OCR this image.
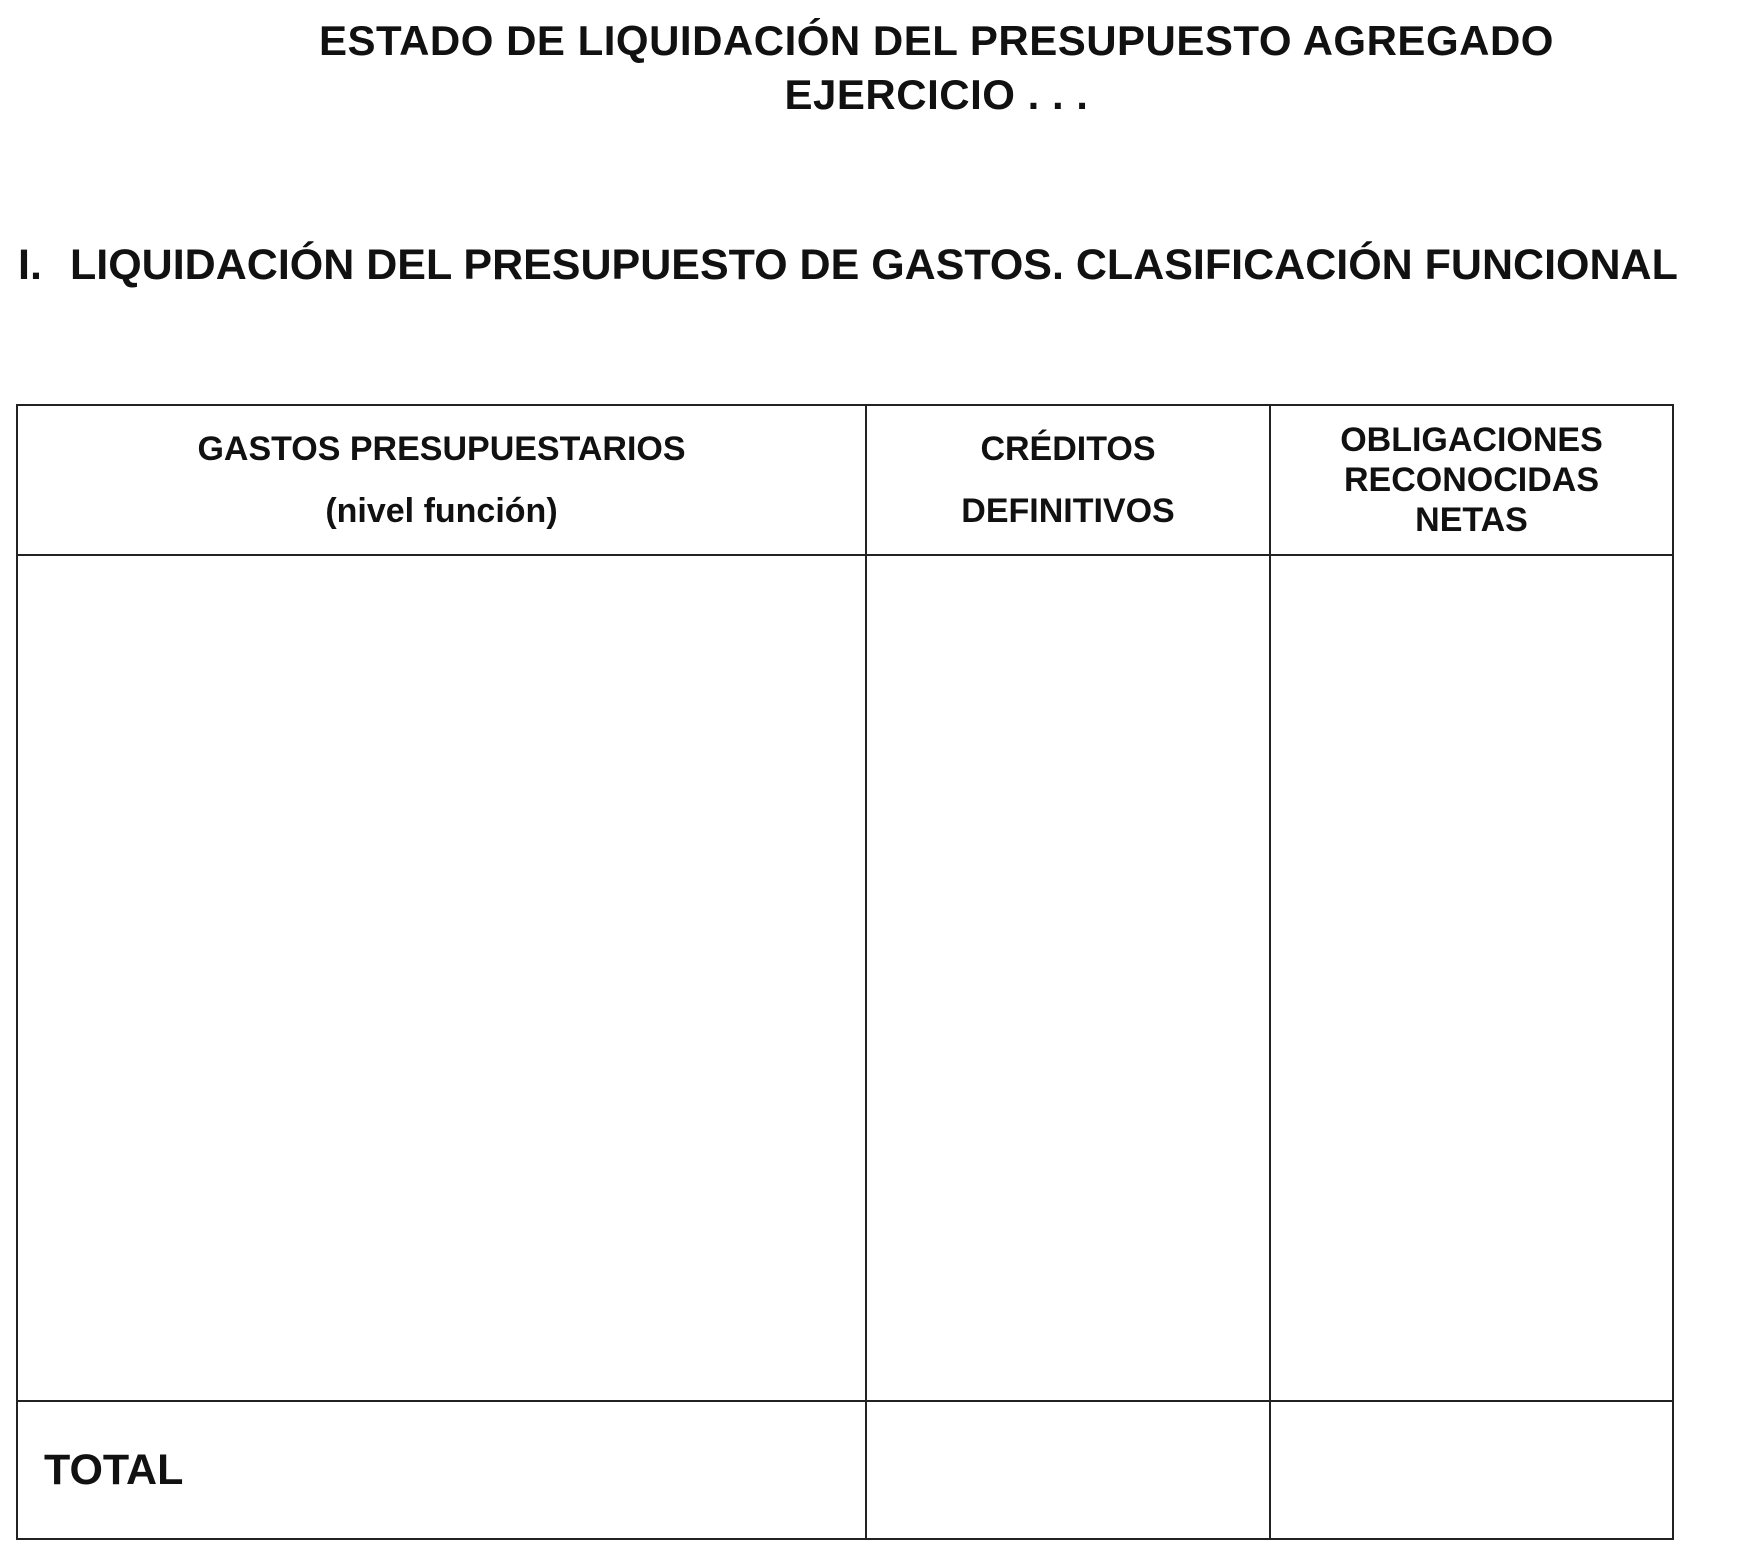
ESTADO DE LIQUIDACIÓN DEL PRESUPUESTO AGREGADO
EJERCICIO . . .
I. LIQUIDACIÓN DEL PRESUPUESTO DE GASTOS. CLASIFICACIÓN FUNCIONAL
GASTOS PRESUPUESTARIOS
(nivel función)
CRÉDITOS
DEFINITIVOS
OBLIGACIONES
RECONOCIDAS
NETAS
TOTAL
